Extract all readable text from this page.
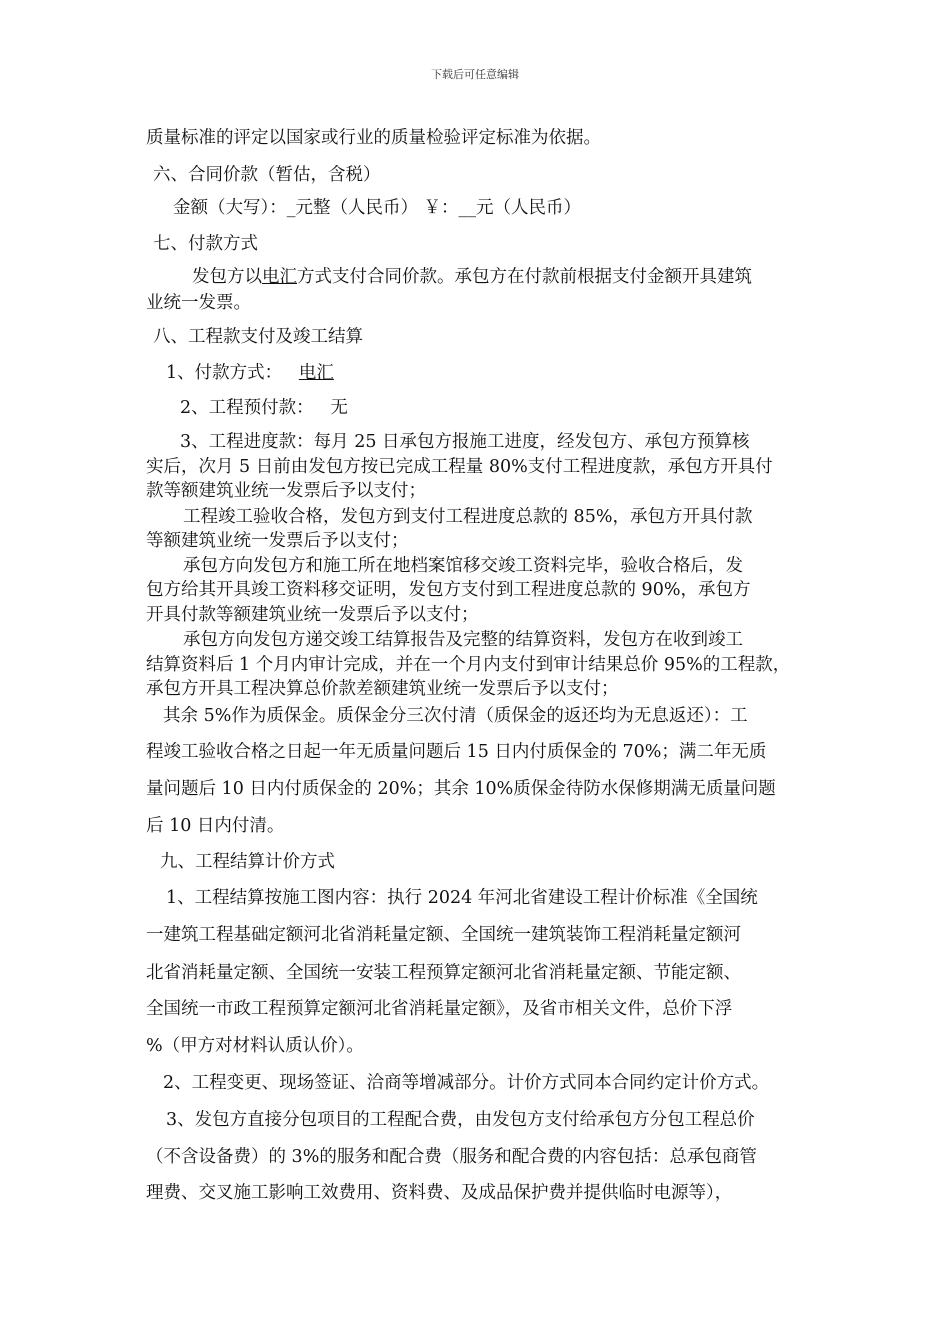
下载后可任意编辑
质量标准的评定以国家或行业的质量检验评定标准为依据。
六、合同价款（暂估，含税）
金额（大写）：_元整（人民币） ￥：__元（人民币）
七、付款方式
发包方以电汇方式支付合同价款。承包方在付款前根据支付金额开具建筑
业统一发票。
八、工程款支付及竣工结算
1、付款方式：   电汇
2、工程预付款：   无
3、工程进度款：每月 25 日承包方报施工进度，经发包方、承包方预算核
实后，次月 5 日前由发包方按已完成工程量 80%支付工程进度款，承包方开具付
款等额建筑业统一发票后予以支付；
工程竣工验收合格，发包方到支付工程进度总款的 85%，承包方开具付款
等额建筑业统一发票后予以支付；
承包方向发包方和施工所在地档案馆移交竣工资料完毕，验收合格后，发
包方给其开具竣工资料移交证明，发包方支付到工程进度总款的 90%，承包方
开具付款等额建筑业统一发票后予以支付；
承包方向发包方递交竣工结算报告及完整的结算资料，发包方在收到竣工
结算资料后 1 个月内审计完成，并在一个月内支付到审计结果总价 95%的工程款，
承包方开具工程决算总价款差额建筑业统一发票后予以支付；
其余 5%作为质保金。质保金分三次付清（质保金的返还均为无息返还）：工
程竣工验收合格之日起一年无质量问题后 15 日内付质保金的 70%；满二年无质
量问题后 10 日内付质保金的 20%；其余 10%质保金待防水保修期满无质量问题
后 10 日内付清。
九、工程结算计价方式
1、工程结算按施工图内容：执行 2024 年河北省建设工程计价标准《全国统
一建筑工程基础定额河北省消耗量定额、全国统一建筑装饰工程消耗量定额河
北省消耗量定额、全国统一安装工程预算定额河北省消耗量定额、节能定额、
全国统一市政工程预算定额河北省消耗量定额》，及省市相关文件，总价下浮
%（甲方对材料认质认价）。
2、工程变更、现场签证、洽商等增减部分。计价方式同本合同约定计价方式。
3、发包方直接分包项目的工程配合费，由发包方支付给承包方分包工程总价
（不含设备费）的 3%的服务和配合费（服务和配合费的内容包括：总承包商管
理费、交叉施工影响工效费用、资料费、及成品保护费并提供临时电源等），
